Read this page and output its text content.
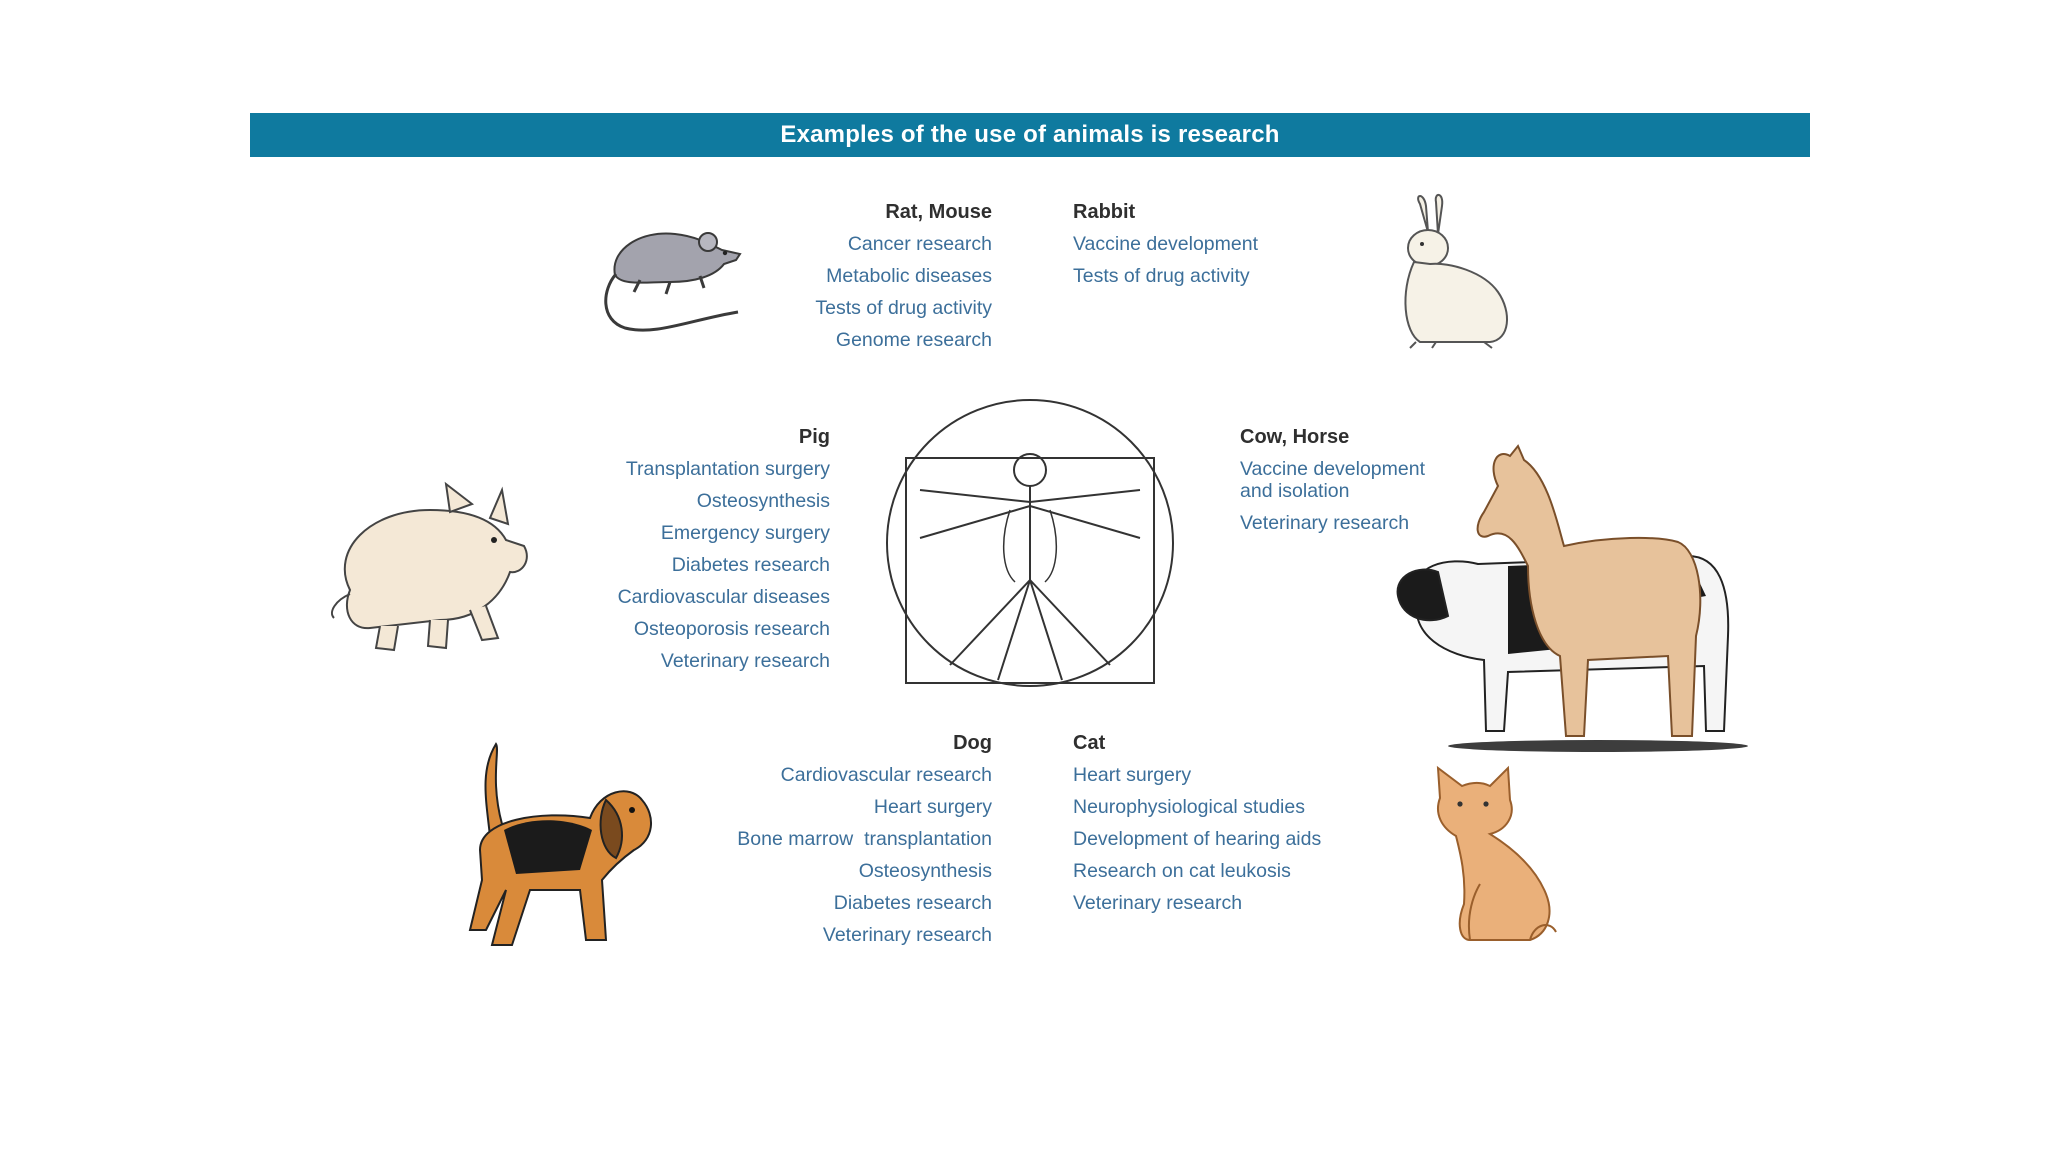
Examples of the use of animals is research
Rat, Mouse
Cancer research
Metabolic diseases
Tests of drug activity
Genome research
Rabbit
Vaccine development
Tests of drug activity
Pig
Transplantation surgery
Osteosynthesis
Emergency surgery
Diabetes research
Cardiovascular diseases
Osteoporosis research
Veterinary research
Cow, Horse
Vaccine development and isolation
Veterinary research
Dog
Cardiovascular research
Heart surgery
Bone marrow  transplantation
Osteosynthesis
Diabetes research
Veterinary research
Cat
Heart surgery
Neurophysiological studies
Development of hearing aids
Research on cat leukosis
Veterinary research
